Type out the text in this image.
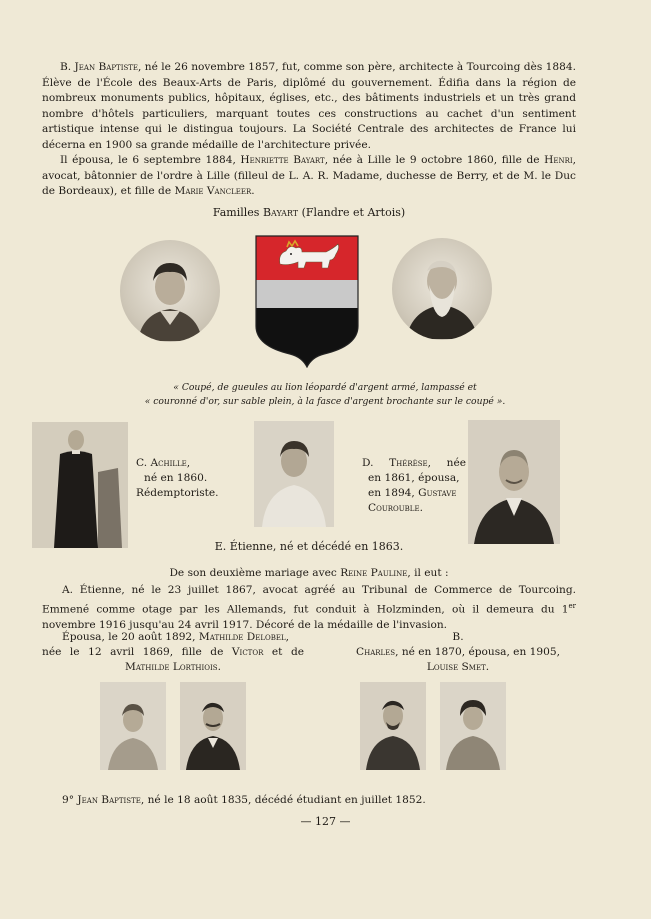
B. Jean Baptiste, né le 26 novembre 1857, fut, comme son père, architecte à Tourcoing dès 1884. Élève de l'École des Beaux-Arts de Paris, diplômé du gouvernement. Édifia dans la région de nombreux monuments publics, hôpitaux, églises, etc., des bâtiments industriels et un très grand nombre d'hôtels particuliers, marquant toutes ces constructions au cachet d'un sentiment artistique intense qui le distingua toujours. La Société Centrale des architectes de France lui décerna en 1900 sa grande médaille de l'architecture privée.
Il épousa, le 6 septembre 1884, Henriette Bayart, née à Lille le 9 octobre 1860, fille de Henri, avocat, bâtonnier de l'ordre à Lille (filleul de L. A. R. Madame, duchesse de Berry, et de M. le Duc de Bordeaux), et fille de Marie Vancleer.
Familles Bayart (Flandre et Artois)
« Coupé, de gueules au lion léopardé d'argent armé, lampassé et
« couronné d'or, sur sable plein, à la fasce d'argent brochante sur le coupé ».
C. Achille,
né en 1860.
Rédemptoriste.
D. Thérèse, née
en 1861, épousa,
en 1894, Gustave
Courouble.
E. Étienne, né et décédé en 1863.
De son deuxième mariage avec Reine Pauline, il eut :
A. Étienne, né le 23 juillet 1867, avocat agréé au Tribunal de Commerce de Tourcoing. Emmené comme otage par les Allemands, fut conduit à Holzminden, où il demeura du 1er novembre 1916 jusqu'au 24 avril 1917. Décoré de la médaille de l'invasion.
Épousa, le 20 août 1892, Mathilde Delobel,
née le 12 avril 1869, fille de Victor et de
Mathilde Lorthiois.
B.
Charles, né en 1870, épousa, en 1905,
Louise Smet.
9° Jean Baptiste, né le 18 août 1835, décédé étudiant en juillet 1852.
— 127 —
